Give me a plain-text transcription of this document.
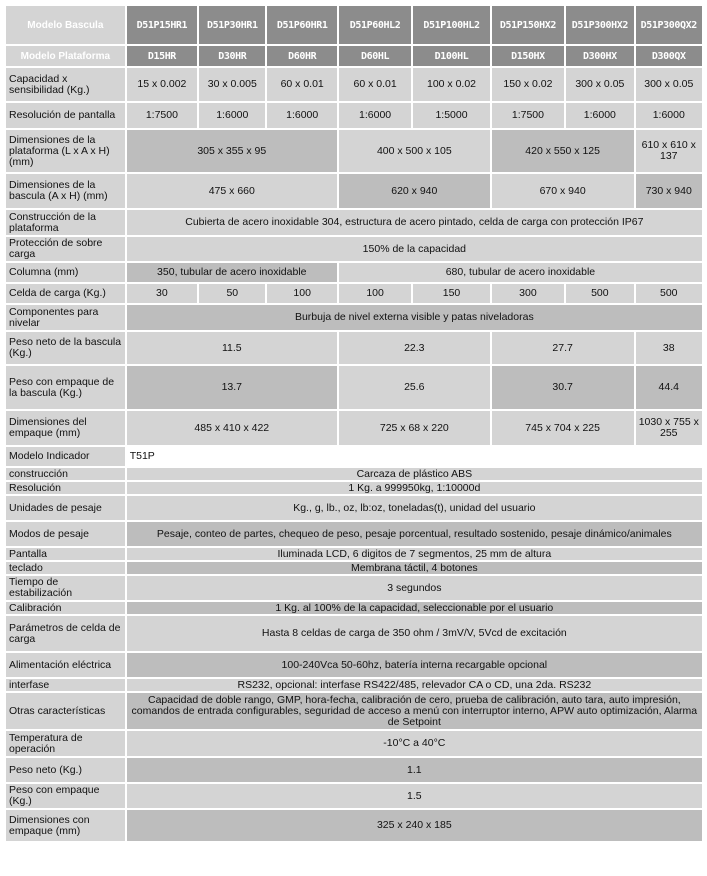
Modelo Bascula	D51P15HR1	D51P30HR1	D51P60HR1	D51P60HL2	D51P100HL2	D51P150HX2	D51P300HX2	D51P300QX2
Modelo Plataforma	D15HR	D30HR	D60HR	D60HL	D100HL	D150HX	D300HX	D300QX
Capacidad x sensibilidad (Kg.)	15 x 0.002	30 x 0.005	60 x 0.01	60 x 0.01	100 x 0.02	150 x 0.02	300 x 0.05	300 x 0.05
Resolución de pantalla	1:7500	1:6000	1:6000	1:6000	1:5000	1:7500	1:6000	1:6000
Dimensiones de la plataforma (L x A x H) (mm)	305 x 355 x 95			400 x 500 x 105		420 x 550 x 125		610 x 610 x 137
Dimensiones de la bascula (A x H) (mm)	475 x 660			620 x 940		670 x 940		730 x 940
Construcción de la plataforma	Cubierta de acero inoxidable 304, estructura de acero pintado, celda de carga con protección IP67							
Protección de sobre carga	150% de la capacidad							
Columna (mm)	350, tubular de acero inoxidable			680, tubular de acero inoxidable				
Celda de carga (Kg.)	30	50	100	100	150	300	500	500
Componentes para nivelar	Burbuja de nivel externa visible y patas niveladoras							
Peso neto de la bascula (Kg.)	11.5			22.3		27.7		38
Peso con empaque de la bascula (Kg.)	13.7			25.6		30.7		44.4
Dimensiones del empaque (mm)	485 x 410 x 422			725 x 68 x 220		745 x 704 x 225		1030 x 755 x 255
Modelo Indicador	T51P							
construcción	Carcaza de plástico ABS							
Resolución	1 Kg. a 999950kg, 1:10000d							
Unidades de pesaje	Kg., g, lb., oz, lb:oz, toneladas(t), unidad del usuario							
Modos de pesaje	Pesaje, conteo de partes, chequeo de peso, pesaje porcentual, resultado sostenido, pesaje dinámico/animales							
Pantalla	Iluminada LCD, 6 digitos de 7 segmentos, 25 mm de altura							
teclado	Membrana táctil, 4 botones							
Tiempo de estabilización	3 segundos							
Calibración	1 Kg. al 100% de la capacidad, seleccionable por el usuario							
Parámetros de celda de carga	Hasta 8 celdas de carga de 350 ohm / 3mV/V, 5Vcd de excitación							
Alimentación eléctrica	100-240Vca 50-60hz, batería interna recargable opcional							
interfase	RS232, opcional: interfase RS422/485, relevador CA o CD, una 2da. RS232							
Otras características	Capacidad de doble rango, GMP, hora-fecha, calibración de cero, prueba de calibración, auto tara, auto impresión, comandos de entrada configurables, seguridad de acceso a menú con interruptor interno, APW auto optimización, Alarma de Setpoint							
Temperatura de operación	-10°C a 40°C							
Peso neto (Kg.)	1.1							
Peso con empaque (Kg.)	1.5							
Dimensiones con empaque (mm)	325 x 240 x 185							
